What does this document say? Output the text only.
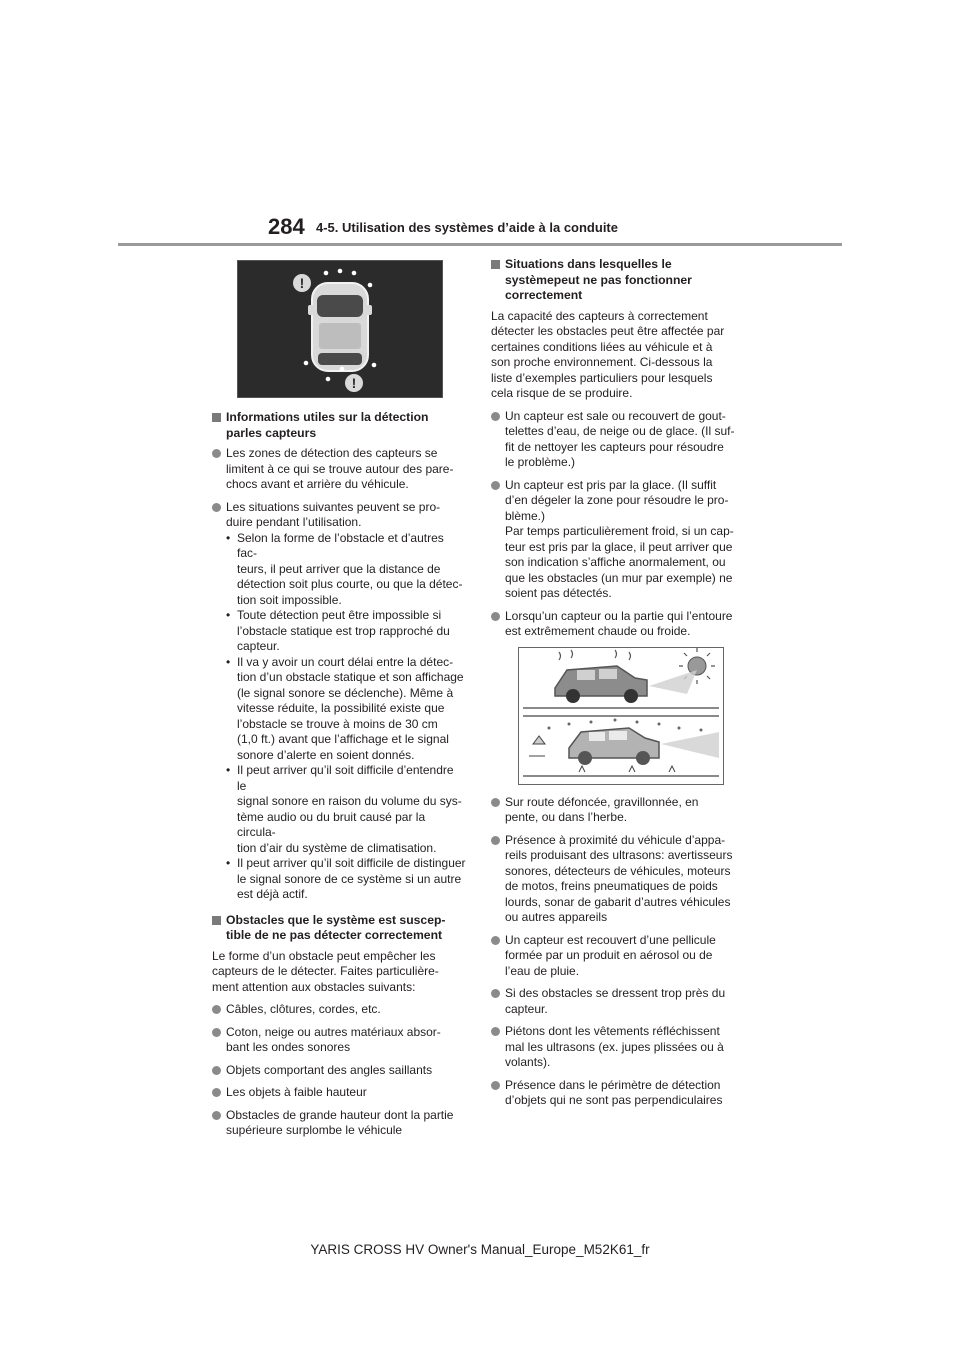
284 4-5. Utilisation des systèmes d’aide à la conduite
!
!
Informations utiles sur la détection parles capteurs
Les zones de détection des capteurs se
limitent à ce qui se trouve autour des pare-
chocs avant et arrière du véhicule.
Les situations suivantes peuvent se pro-
duire pendant l’utilisation.
• Selon la forme de l’obstacle et d’autres fac-
teurs, il peut arriver que la distance de
détection soit plus courte, ou que la détec-
tion soit impossible.
• Toute détection peut être impossible si
l’obstacle statique est trop rapproché du
capteur.
• Il va y avoir un court délai entre la détec-
tion d’un obstacle statique et son affichage
(le signal sonore se déclenche). Même à
vitesse réduite, la possibilité existe que
l’obstacle se trouve à moins de 30 cm
(1,0 ft.) avant que l’affichage et le signal
sonore d’alerte en soient donnés.
• Il peut arriver qu’il soit difficile d’entendre le
signal sonore en raison du volume du sys-
tème audio ou du bruit causé par la circula-
tion d’air du système de climatisation.
• Il peut arriver qu’il soit difficile de distinguer
le signal sonore de ce système si un autre
est déjà actif.
Obstacles que le système est suscep-tible de ne pas détecter correctement
Le forme d’un obstacle peut empêcher les
capteurs de le détecter. Faites particulière-
ment attention aux obstacles suivants:
Câbles, clôtures, cordes, etc.
Coton, neige ou autres matériaux absor-
bant les ondes sonores
Objets comportant des angles saillants
Les objets à faible hauteur
Obstacles de grande hauteur dont la partie
supérieure surplombe le véhicule
Situations dans lesquelles le systèmepeut ne pas fonctionner correctement
La capacité des capteurs à correctement
détecter les obstacles peut être affectée par
certaines conditions liées au véhicule et à
son proche environnement. Ci-dessous la
liste d’exemples particuliers pour lesquels
cela risque de se produire.
Un capteur est sale ou recouvert de gout-
telettes d’eau, de neige ou de glace. (Il suf-
fit de nettoyer les capteurs pour résoudre
le problème.)
Un capteur est pris par la glace. (Il suffit
d’en dégeler la zone pour résoudre le pro-
blème.)
Par temps particulièrement froid, si un cap-
teur est pris par la glace, il peut arriver que
son indication s’affiche anormalement, ou
que les obstacles (un mur par exemple) ne
soient pas détectés.
Lorsqu’un capteur ou la partie qui l’entoure
est extrêmement chaude ou froide.
Sur route défoncée, gravillonnée, en
pente, ou dans l’herbe.
Présence à proximité du véhicule d’appa-
reils produisant des ultrasons: avertisseurs
sonores, détecteurs de véhicules, moteurs
de motos, freins pneumatiques de poids
lourds, sonar de gabarit d’autres véhicules
ou autres appareils
Un capteur est recouvert d’une pellicule
formée par un produit en aérosol ou de
l’eau de pluie.
Si des obstacles se dressent trop près du
capteur.
Piétons dont les vêtements réfléchissent
mal les ultrasons (ex. jupes plissées ou à
volants).
Présence dans le périmètre de détection
d’objets qui ne sont pas perpendiculaires
YARIS CROSS HV Owner's Manual_Europe_M52K61_fr
